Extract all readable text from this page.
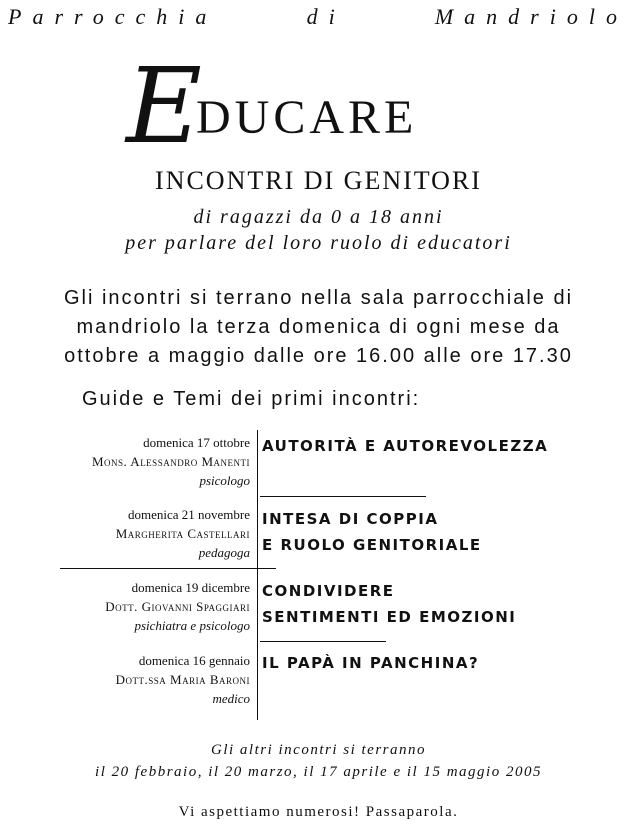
Parrocchia	di	Mandriolo
E
DUCARE
INCONTRI DI GENITORI
di ragazzi da 0 a 18 anni
per parlare del loro ruolo di educatori
Gli incontri si terrano nella sala parrocchiale di
mandriolo la terza domenica di ogni mese da
ottobre a maggio dalle ore 16.00 alle ore 17.30
Guide e Temi dei primi incontri:
domenica 17 ottobre
Mons. Alessandro Manenti
psicologo
AUTORITÀ E AUTOREVOLEZZA
domenica 21 novembre
Margherita Castellari
pedagoga
INTESA DI COPPIA
E RUOLO GENITORIALE
domenica 19 dicembre
Dott. Giovanni Spaggiari
psichiatra e psicologo
CONDIVIDERE
SENTIMENTI ED EMOZIONI
domenica 16 gennaio
Dott.ssa Maria Baroni
medico
IL PAPÀ IN PANCHINA?
Gli altri incontri si terranno
il 20 febbraio, il 20 marzo, il 17 aprile e il 15 maggio 2005
Vi aspettiamo numerosi! Passaparola.
